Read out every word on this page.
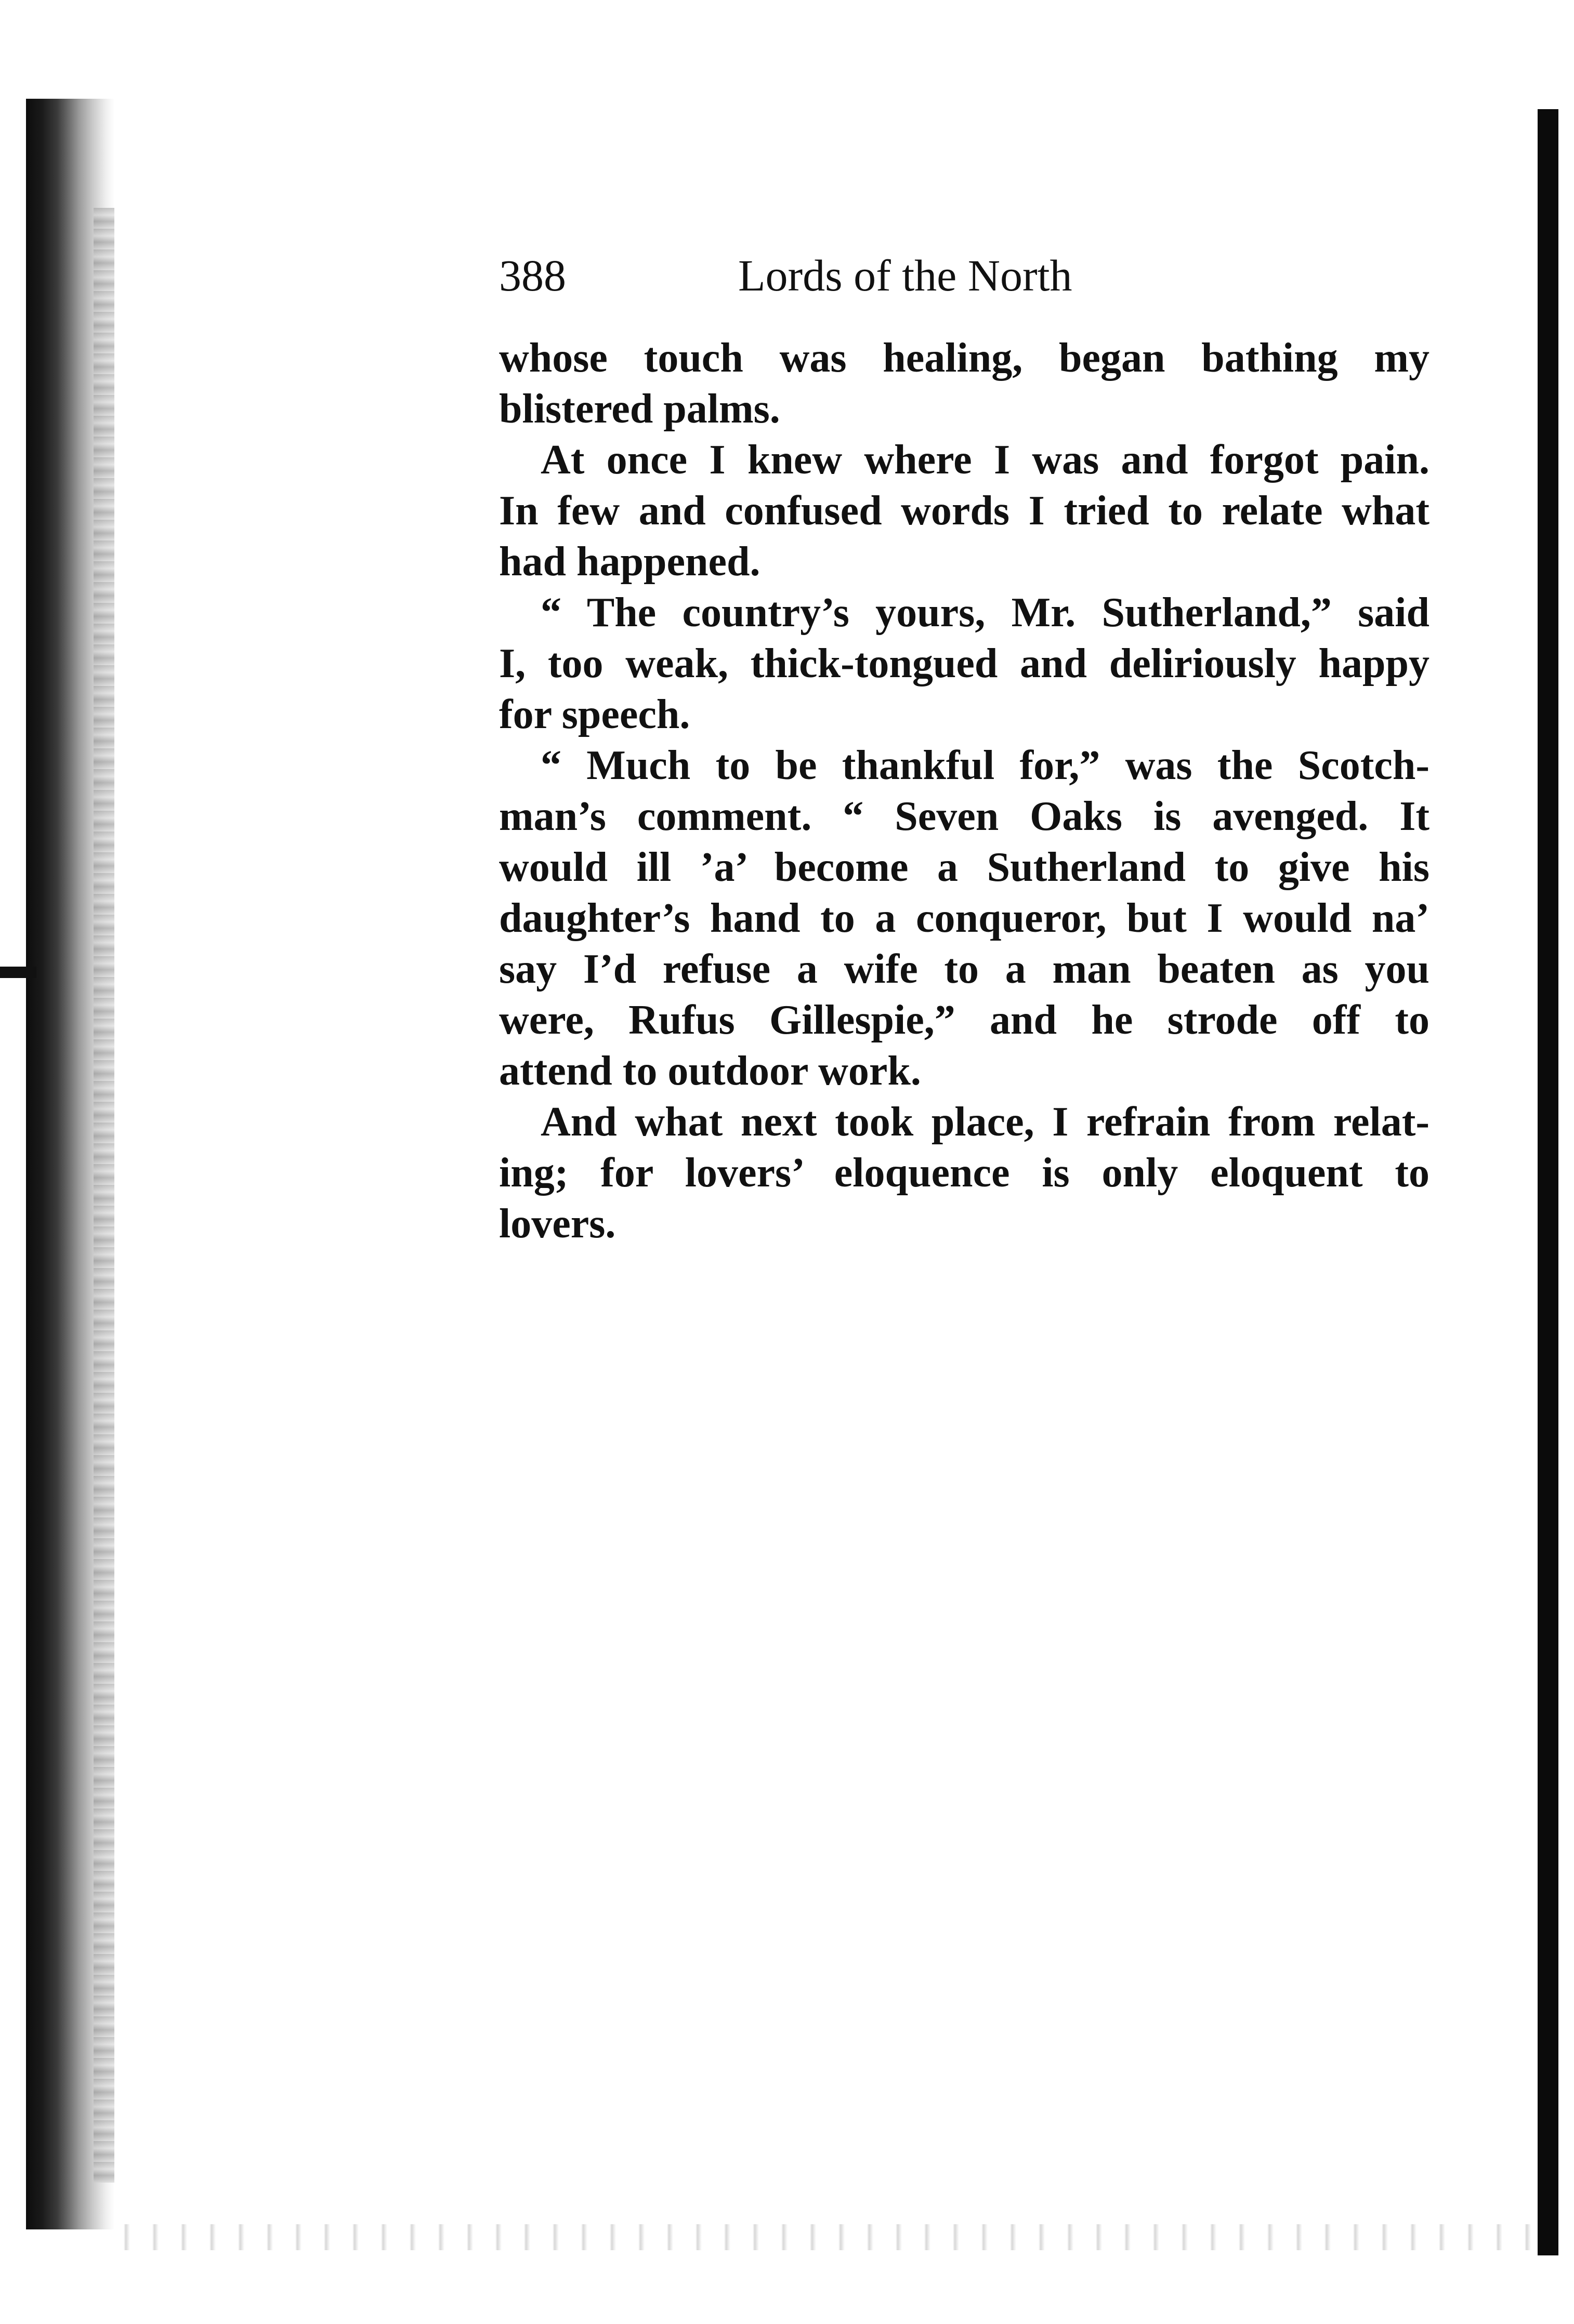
388	Lords of the North
whose touch was healing, began bathing my
blistered palms.
At once I knew where I was and forgot pain.
In few and confused words I tried to relate what
had happened.
“ The country’s yours, Mr. Sutherland,” said
I, too weak, thick-tongued and deliriously happy
for speech.
“ Much to be thankful for,” was the Scotch-
man’s comment. “ Seven Oaks is avenged. It
would ill ’a’ become a Sutherland to give his
daughter’s hand to a conqueror, but I would na’
say I’d refuse a wife to a man beaten as you
were, Rufus Gillespie,” and he strode off to
attend to outdoor work.
And what next took place, I refrain from relat-
ing; for lovers’ eloquence is only eloquent to
lovers.
